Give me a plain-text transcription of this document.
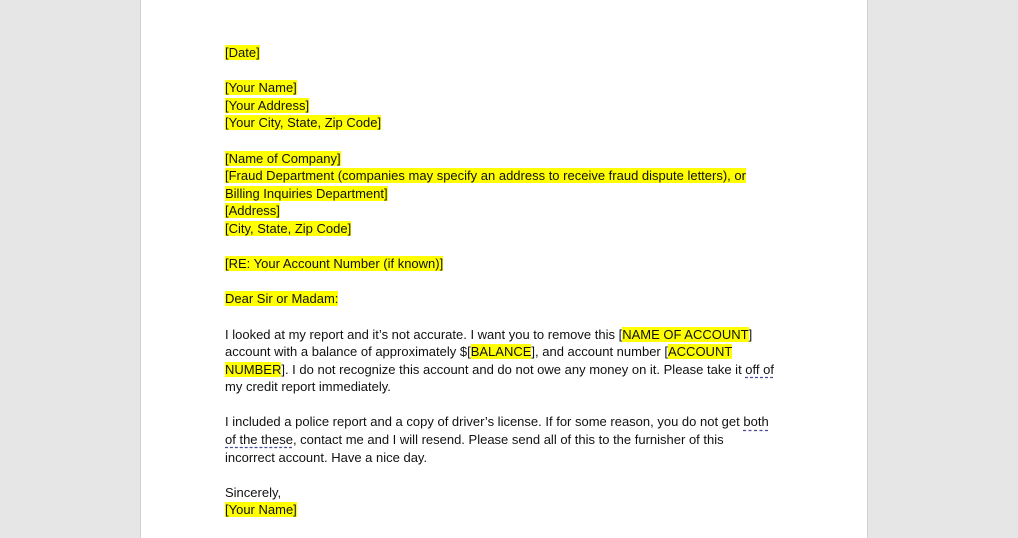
[Date]
[Your Name]
[Your Address]
[Your City, State, Zip Code]
[Name of Company]
[Fraud Department (companies may specify an address to receive fraud dispute letters), or
Billing Inquiries Department]
[Address]
[City, State, Zip Code]
[RE: Your Account Number (if known)]
Dear Sir or Madam:
I looked at my report and it’s not accurate. I want you to remove this [NAME OF ACCOUNT]
account with a balance of approximately $[BALANCE], and account number [ACCOUNT
NUMBER]. I do not recognize this account and do not owe any money on it. Please take it off of
my credit report immediately.
I included a police report and a copy of driver’s license. If for some reason, you do not get both
of the these, contact me and I will resend. Please send all of this to the furnisher of this
incorrect account. Have a nice day.
Sincerely,
[Your Name]
